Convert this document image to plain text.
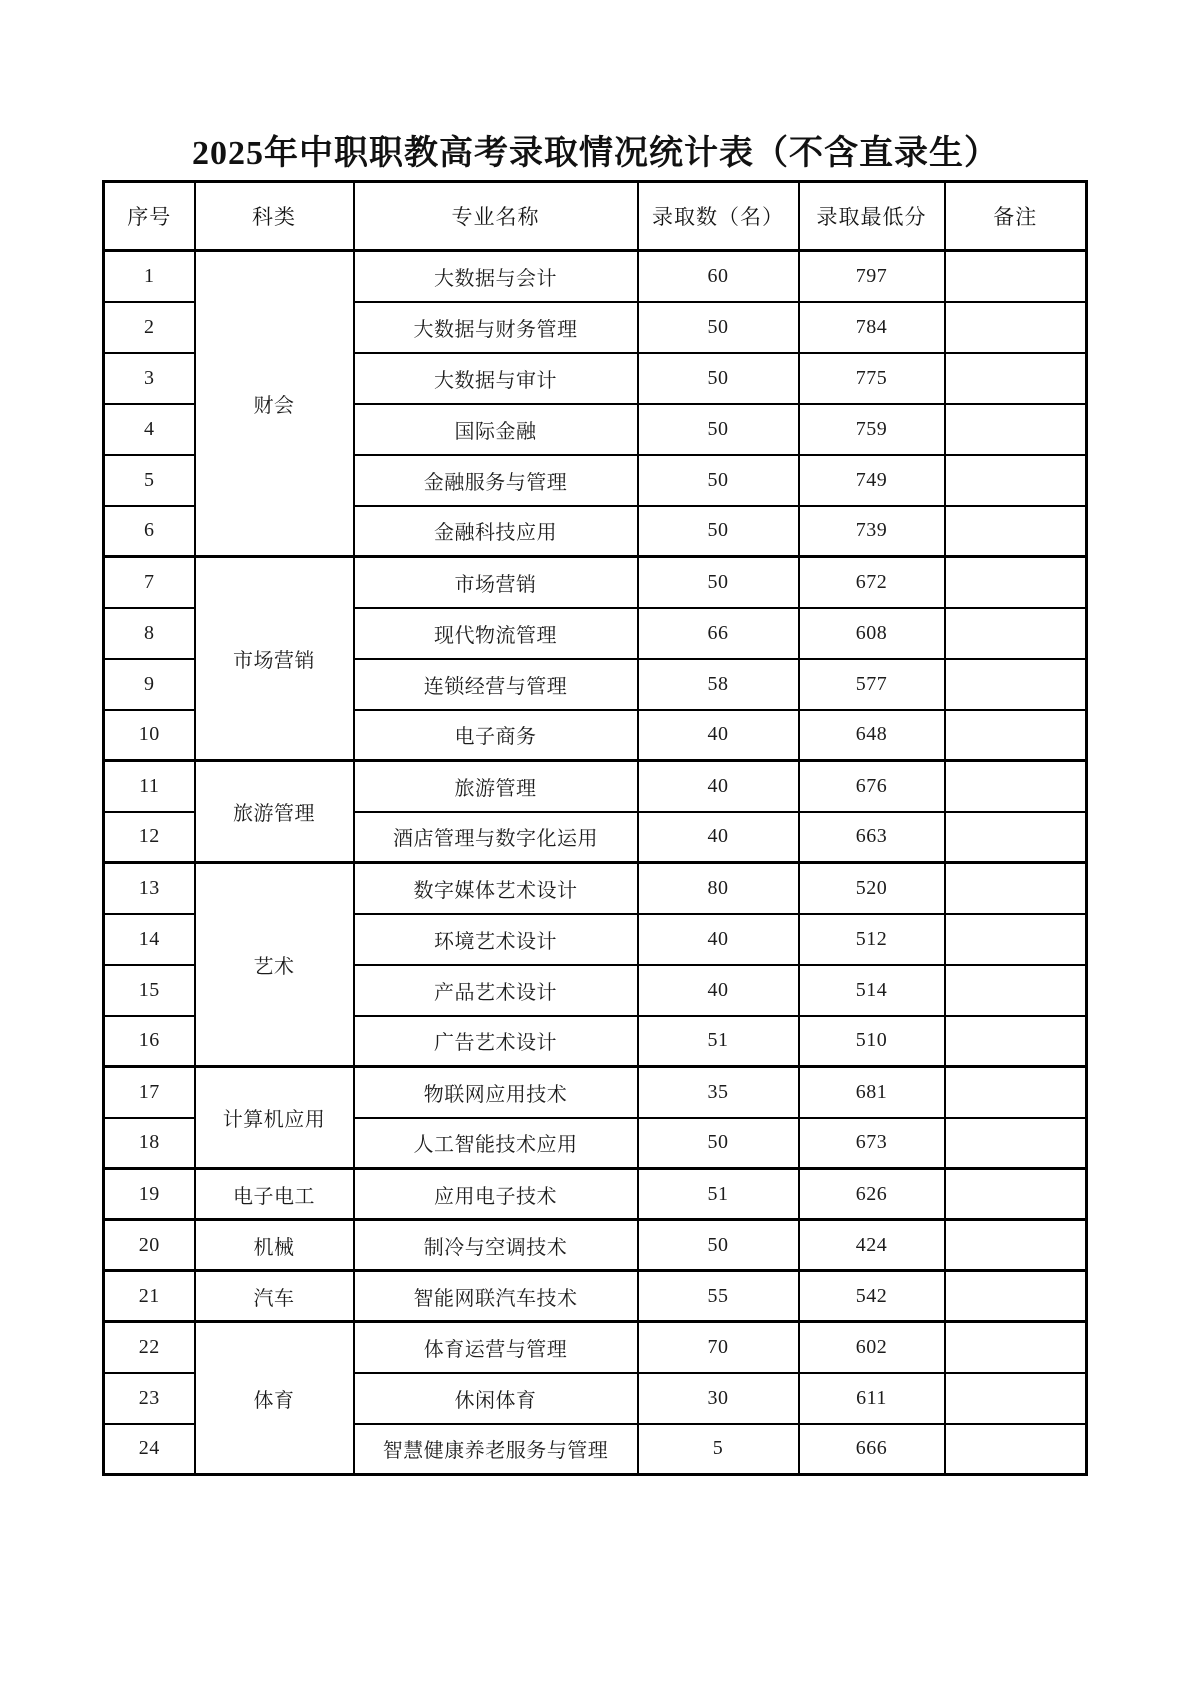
2025年中职职教高考录取情况统计表（不含直录生）
序号	科类	专业名称	录取数（名）	录取最低分	备注
1	财会	大数据与会计	60	797	
2		大数据与财务管理	50	784	
3		大数据与审计	50	775	
4		国际金融	50	759	
5		金融服务与管理	50	749	
6		金融科技应用	50	739	
7	市场营销	市场营销	50	672	
8		现代物流管理	66	608	
9		连锁经营与管理	58	577	
10		电子商务	40	648	
11	旅游管理	旅游管理	40	676	
12		酒店管理与数字化运用	40	663	
13	艺术	数字媒体艺术设计	80	520	
14		环境艺术设计	40	512	
15		产品艺术设计	40	514	
16		广告艺术设计	51	510	
17	计算机应用	物联网应用技术	35	681	
18		人工智能技术应用	50	673	
19	电子电工	应用电子技术	51	626	
20	机械	制冷与空调技术	50	424	
21	汽车	智能网联汽车技术	55	542	
22	体育	体育运营与管理	70	602	
23		休闲体育	30	611	
24		智慧健康养老服务与管理	5	666	
